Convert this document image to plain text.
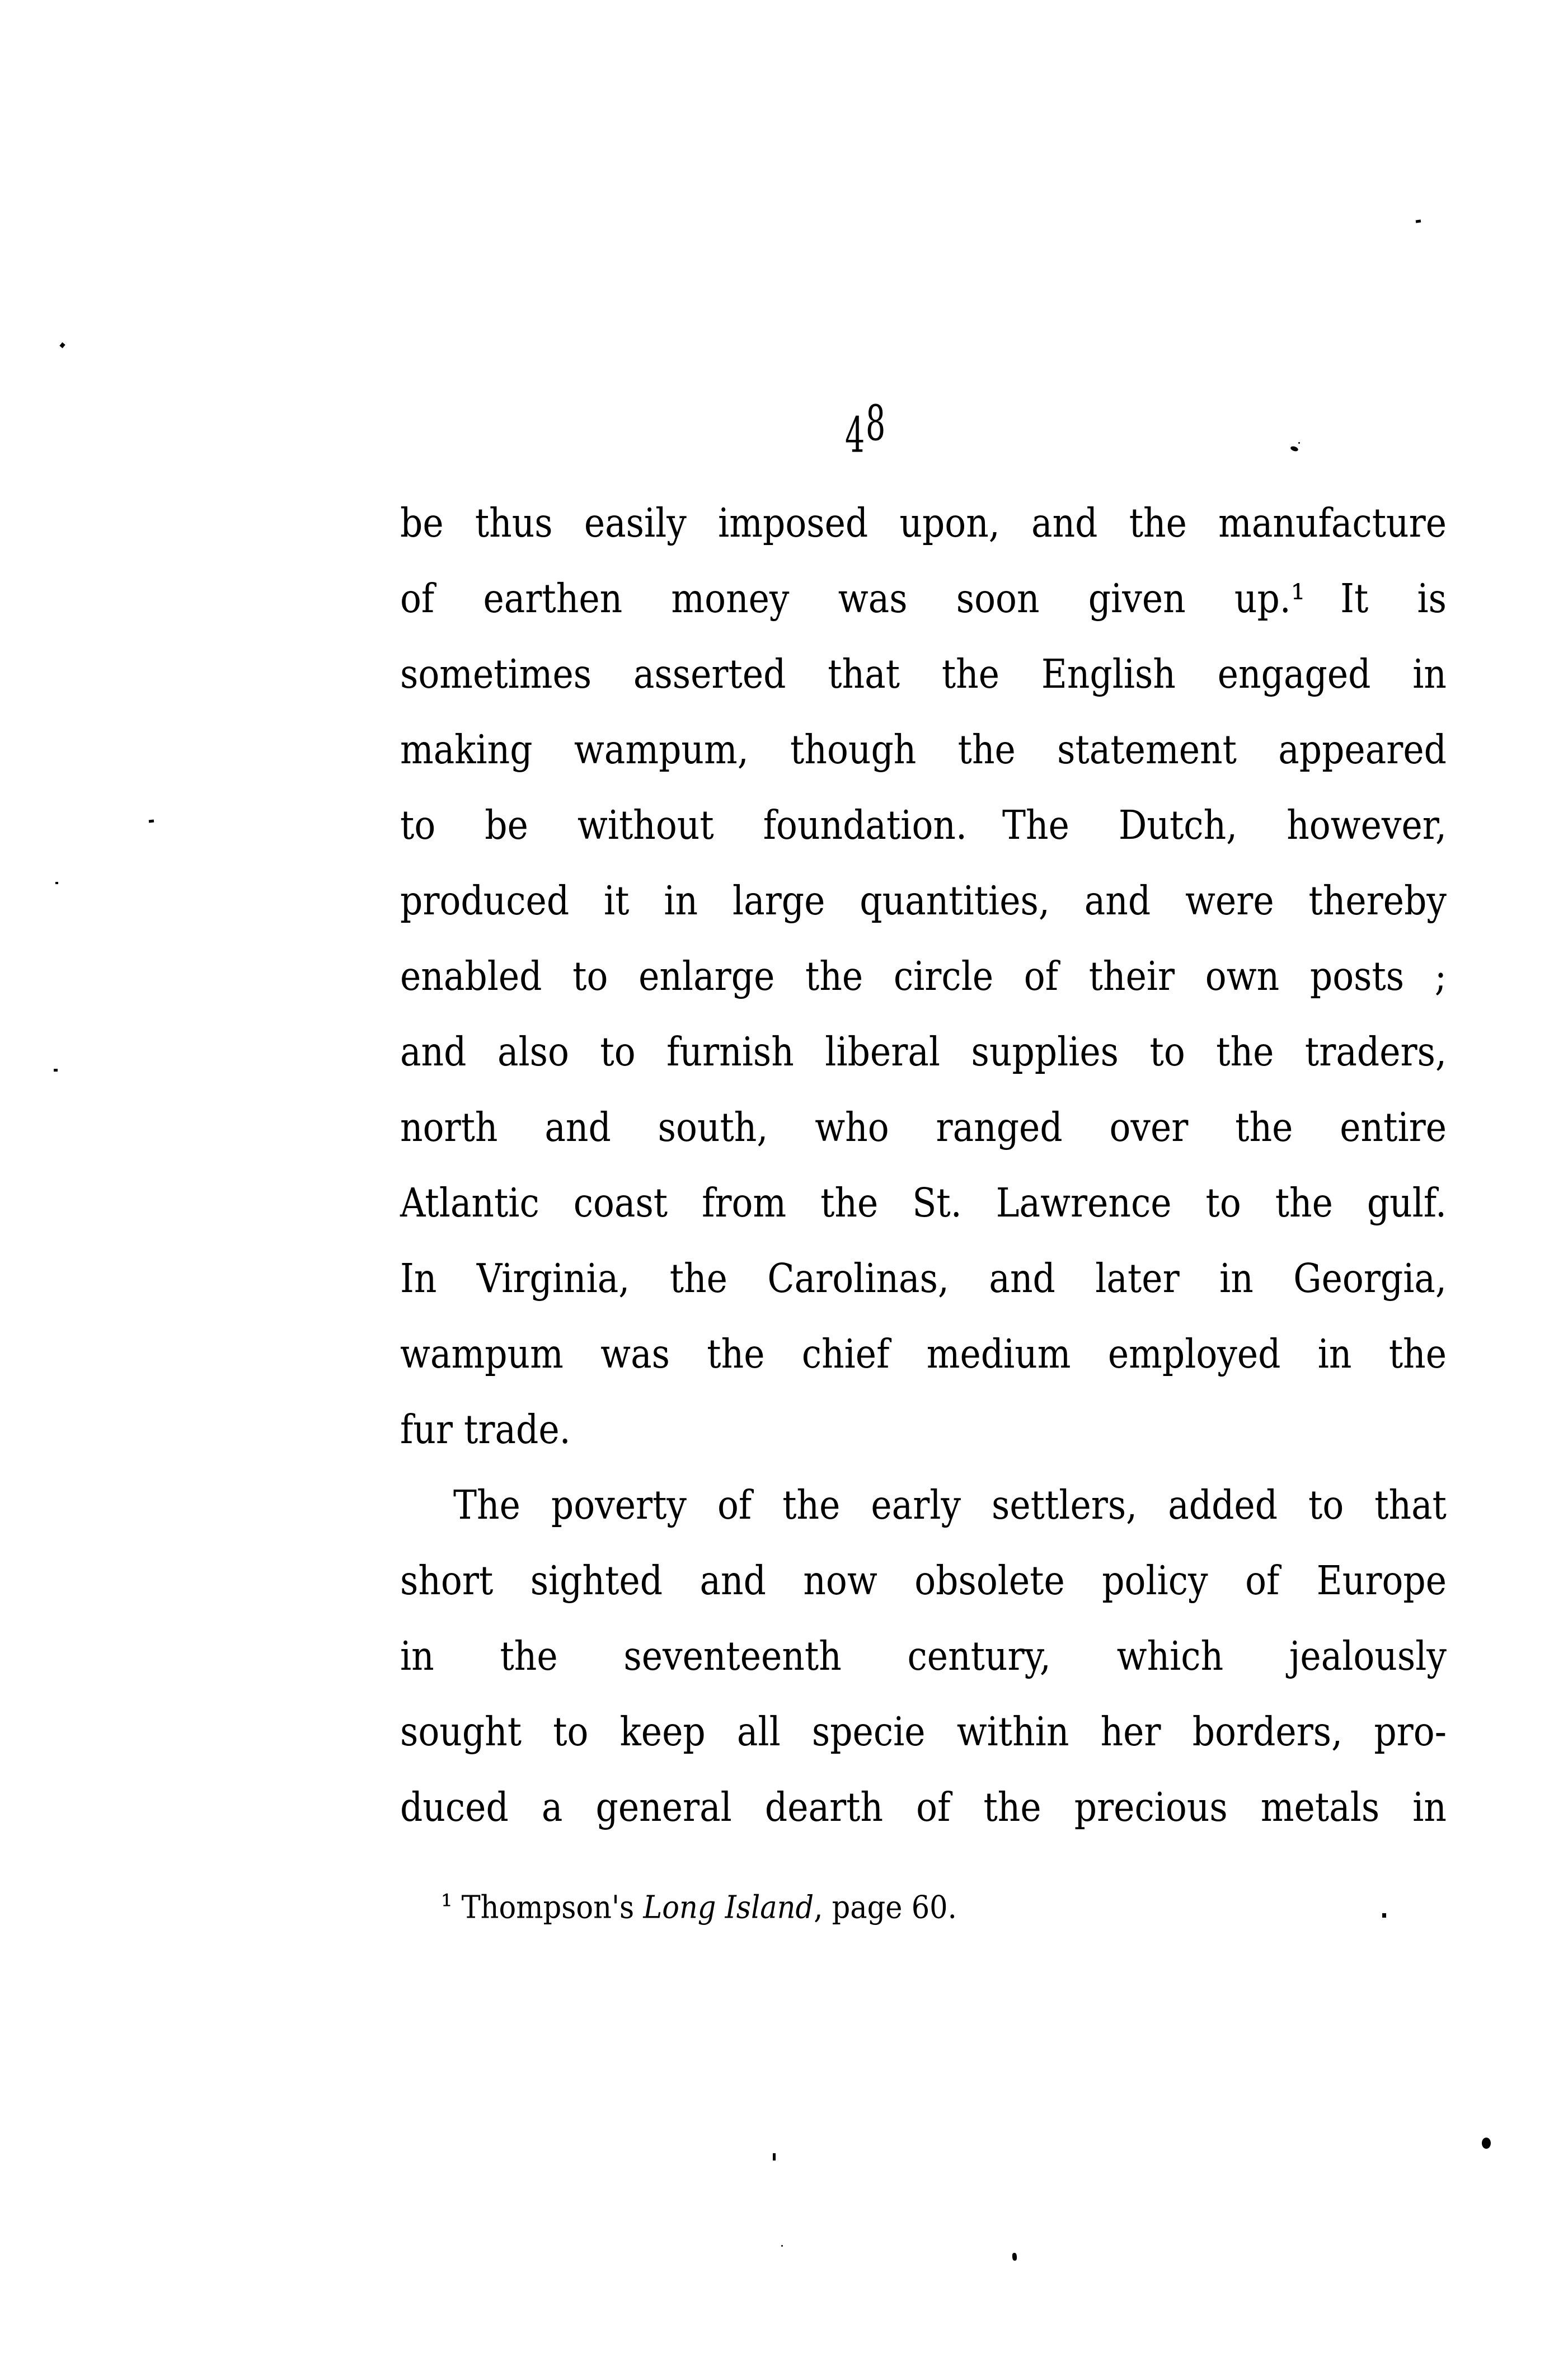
48
be thus easily imposed upon, and the manufacture
of earthen money was soon given up.¹ It is
sometimes asserted that the English engaged in
making wampum, though the statement appeared
to be without foundation. The Dutch, however,
produced it in large quantities, and were thereby
enabled to enlarge the circle of their own posts ;
and also to furnish liberal supplies to the traders,
north and south, who ranged over the entire
Atlantic coast from the St. Lawrence to the gulf.
In Virginia, the Carolinas, and later in Georgia,
wampum was the chief medium employed in the
fur trade.
The poverty of the early settlers, added to that
short sighted and now obsolete policy of Europe
in the seventeenth century, which jealously
sought to keep all specie within her borders, pro-
duced a general dearth of the precious metals in
¹ Thompson's Long Island, page 60.
